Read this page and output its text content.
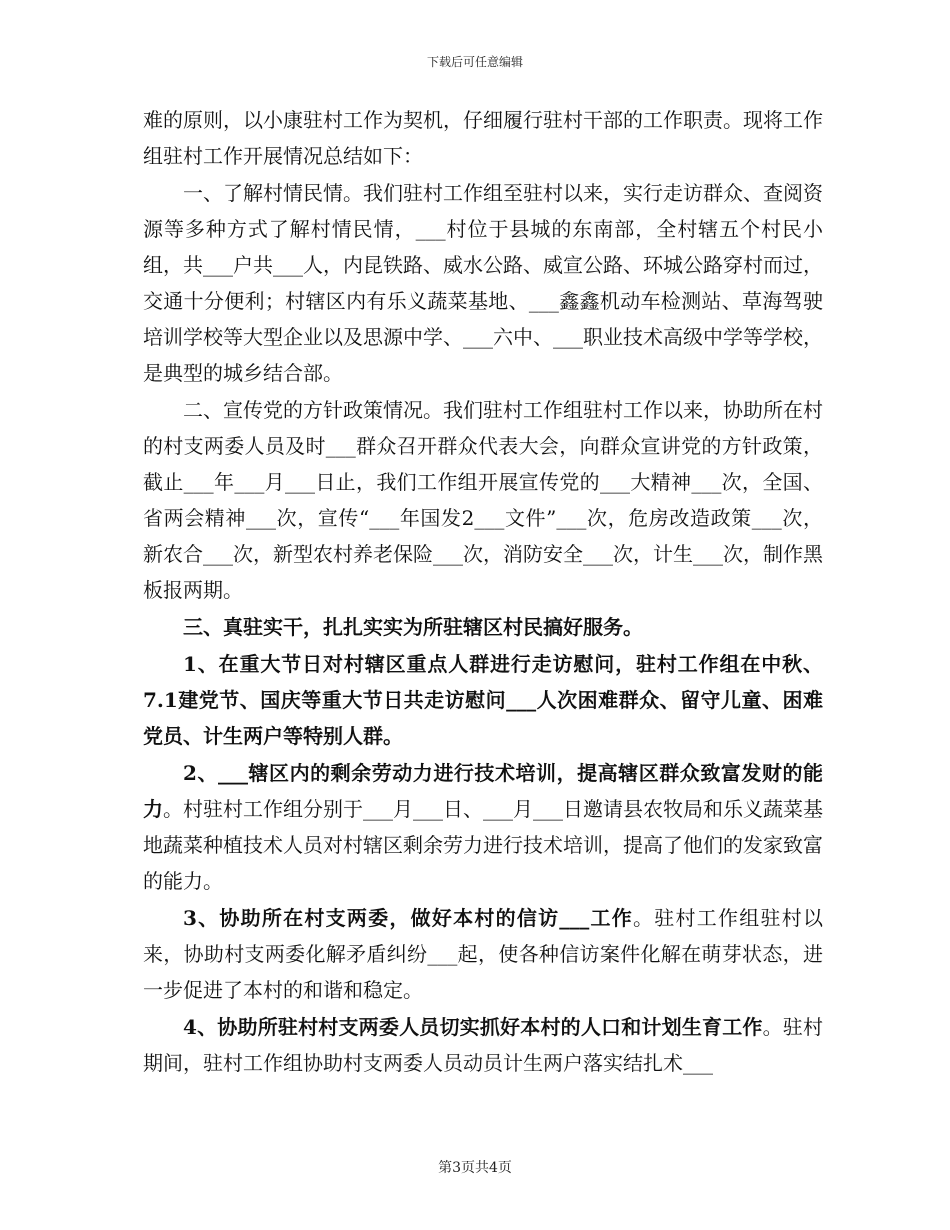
下载后可任意编辑

难的原则，以小康驻村工作为契机，仔细履行驻村干部的工作职责。现将工作组驻村工作开展情况总结如下：

一、了解村情民情。我们驻村工作组至驻村以来，实行走访群众、查阅资源等多种方式了解村情民情，___村位于县城的东南部，全村辖五个村民小组，共___户共___人，内昆铁路、威水公路、威宣公路、环城公路穿村而过，交通十分便利；村辖区内有乐义蔬菜基地、___鑫鑫机动车检测站、草海驾驶培训学校等大型企业以及思源中学、___六中、___职业技术高级中学等学校，是典型的城乡结合部。

二、宣传党的方针政策情况。我们驻村工作组驻村工作以来，协助所在村的村支两委人员及时___群众召开群众代表大会，向群众宣讲党的方针政策，截止___年___月___日止，我们工作组开展宣传党的___大精神___次，全国、省两会精神___次，宣传“___年国发2___文件”___次，危房改造政策___次，新农合___次，新型农村养老保险___次，消防安全___次，计生___次，制作黑板报两期。

三、真驻实干，扎扎实实为所驻辖区村民搞好服务。

1、在重大节日对村辖区重点人群进行走访慰问，驻村工作组在中秋、7.1建党节、国庆等重大节日共走访慰问___人次困难群众、留守儿童、困难党员、计生两户等特别人群。

2、___辖区内的剩余劳动力进行技术培训，提高辖区群众致富发财的能力。村驻村工作组分别于___月___日、___月___日邀请县农牧局和乐义蔬菜基地蔬菜种植技术人员对村辖区剩余劳力进行技术培训，提高了他们的发家致富的能力。

3、协助所在村支两委，做好本村的信访___工作。驻村工作组驻村以来，协助村支两委化解矛盾纠纷___起，使各种信访案件化解在萌芽状态，进一步促进了本村的和谐和稳定。

4、协助所驻村村支两委人员切实抓好本村的人口和计划生育工作。驻村期间，驻村工作组协助村支两委人员动员计生两户落实结扎术___

第3页共4页
